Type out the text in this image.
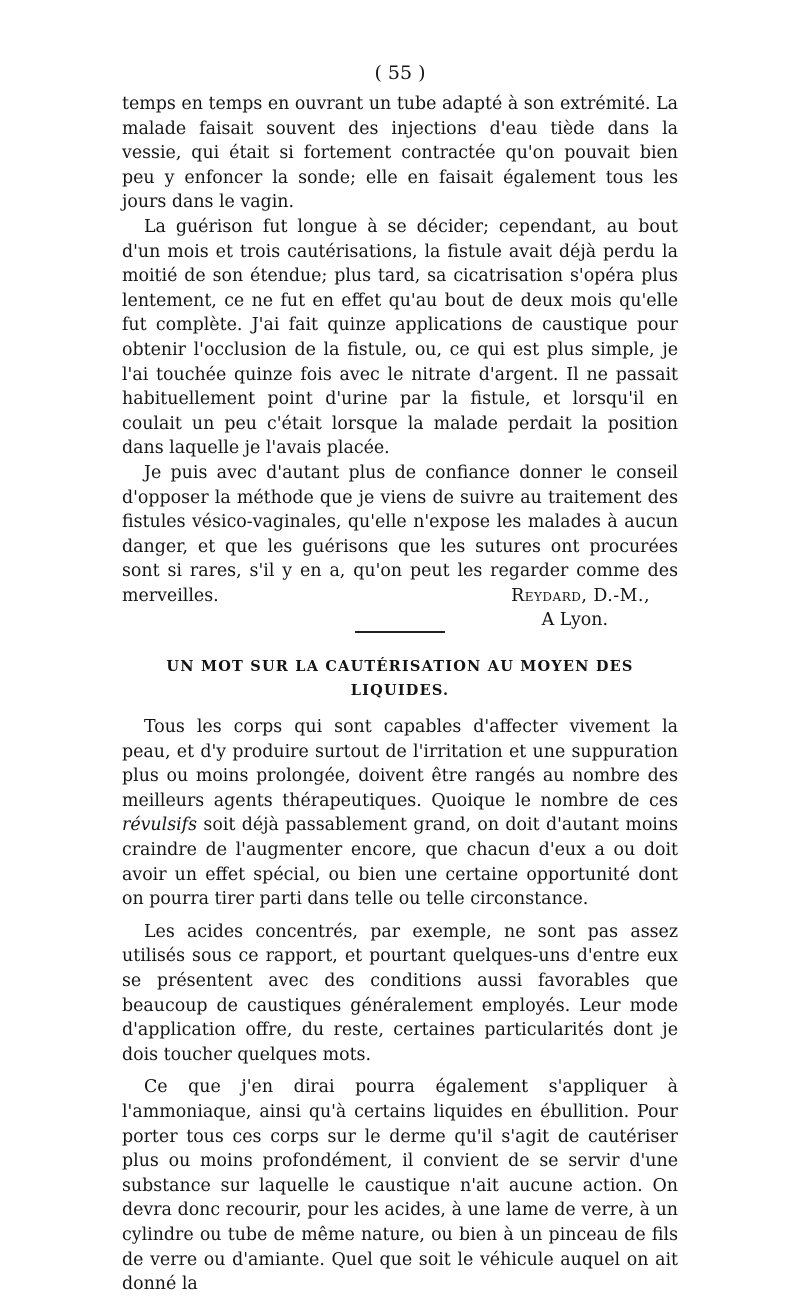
( 55 )

temps en temps en ouvrant un tube adapté à son extrémité. La malade faisait souvent des injections d'eau tiède dans la vessie, qui était si fortement contractée qu'on pouvait bien peu y enfoncer la sonde; elle en faisait également tous les jours dans le vagin.

La guérison fut longue à se décider; cependant, au bout d'un mois et trois cautérisations, la fistule avait déjà perdu la moitié de son étendue; plus tard, sa cicatrisation s'opéra plus lentement, ce ne fut en effet qu'au bout de deux mois qu'elle fut complète. J'ai fait quinze applications de caustique pour obtenir l'occlusion de la fistule, ou, ce qui est plus simple, je l'ai touchée quinze fois avec le nitrate d'argent. Il ne passait habituellement point d'urine par la fistule, et lorsqu'il en coulait un peu c'était lorsque la malade perdait la position dans laquelle je l'avais placée.

Je puis avec d'autant plus de confiance donner le conseil d'opposer la méthode que je viens de suivre au traitement des fistules vésico-vaginales, qu'elle n'expose les malades à aucun danger, et que les guérisons que les sutures ont procurées sont si rares, s'il y en a, qu'on peut les regarder comme des merveilles.	Reydard, D.-M.,
A Lyon.
UN MOT SUR LA CAUTÉRISATION AU MOYEN DES LIQUIDES.

Tous les corps qui sont capables d'affecter vivement la peau, et d'y produire surtout de l'irritation et une suppuration plus ou moins prolongée, doivent être rangés au nombre des meilleurs agents thérapeutiques. Quoique le nombre de ces révulsifs soit déjà passablement grand, on doit d'autant moins craindre de l'augmenter encore, que chacun d'eux a ou doit avoir un effet spécial, ou bien une certaine opportunité dont on pourra tirer parti dans telle ou telle circonstance.

Les acides concentrés, par exemple, ne sont pas assez utilisés sous ce rapport, et pourtant quelques-uns d'entre eux se présentent avec des conditions aussi favorables que beaucoup de caustiques généralement employés. Leur mode d'application offre, du reste, certaines particularités dont je dois toucher quelques mots.

Ce que j'en dirai pourra également s'appliquer à l'ammoniaque, ainsi qu'à certains liquides en ébullition. Pour porter tous ces corps sur le derme qu'il s'agit de cautériser plus ou moins profondément, il convient de se servir d'une substance sur laquelle le caustique n'ait aucune action. On devra donc recourir, pour les acides, à une lame de verre, à un cylindre ou tube de même nature, ou bien à un pinceau de fils de verre ou d'amiante. Quel que soit le véhicule auquel on ait donné la
